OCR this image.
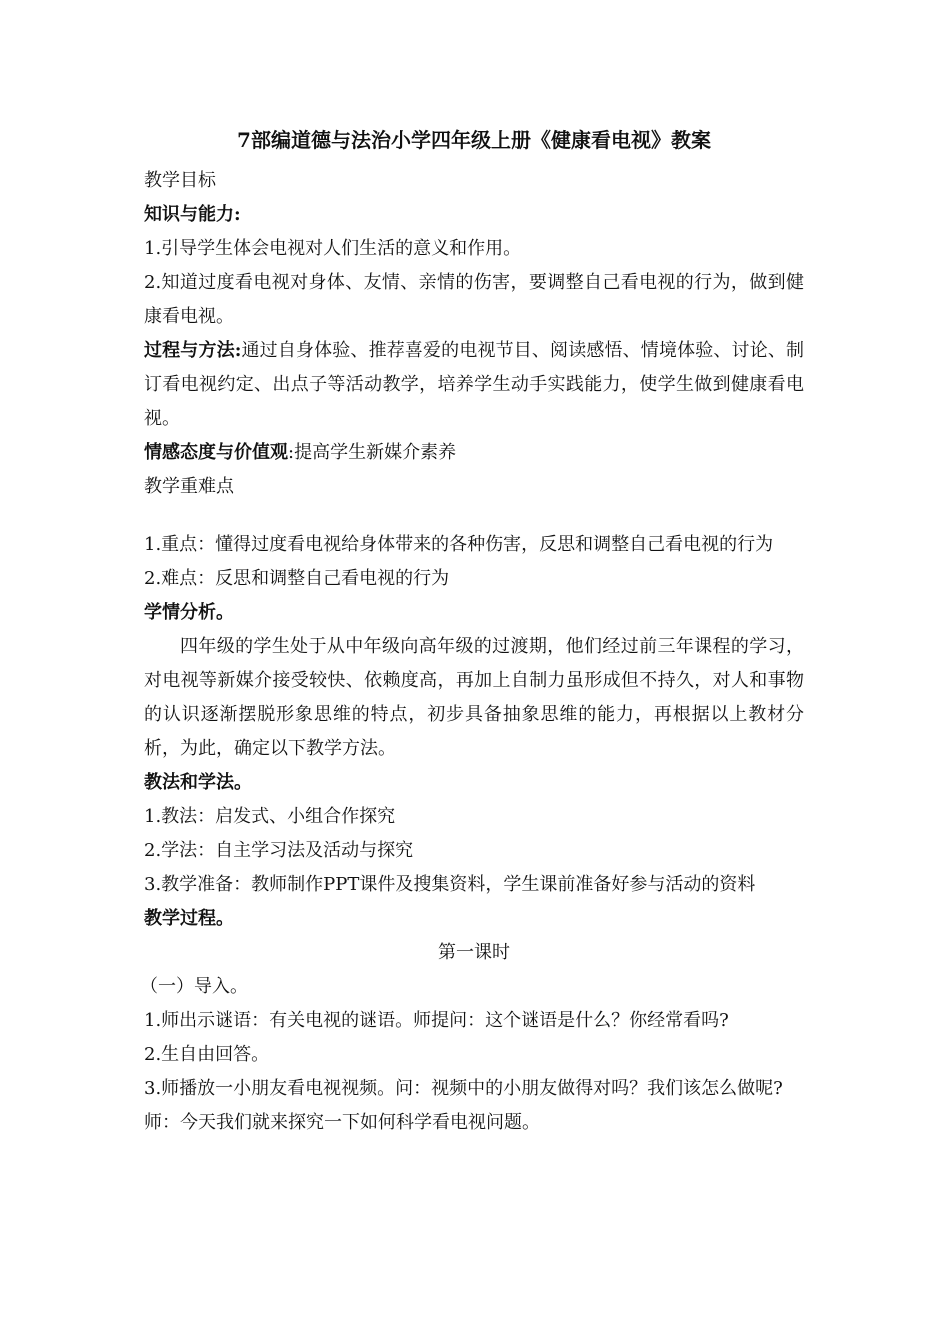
7部编道德与法治小学四年级上册《健康看电视》教案

教学目标

知识与能力:

1.引导学生体会电视对人们生活的意义和作用。

2.知道过度看电视对身体、友情、亲情的伤害，要调整自己看电视的行为，做到健康看电视。

过程与方法:通过自身体验、推荐喜爱的电视节目、阅读感悟、情境体验、讨论、制订看电视约定、出点子等活动教学，培养学生动手实践能力，使学生做到健康看电视。

情感态度与价值观:提高学生新媒介素养

教学重难点

1.重点：懂得过度看电视给身体带来的各种伤害，反思和调整自己看电视的行为

2.难点：反思和调整自己看电视的行为

学情分析。

四年级的学生处于从中年级向高年级的过渡期，他们经过前三年课程的学习，对电视等新媒介接受较快、依赖度高，再加上自制力虽形成但不持久，对人和事物的认识逐渐摆脱形象思维的特点，初步具备抽象思维的能力，再根据以上教材分析，为此，确定以下教学方法。

教法和学法。

1.教法：启发式、小组合作探究

2.学法：自主学习法及活动与探究

3.教学准备：教师制作PPT课件及搜集资料，学生课前准备好参与活动的资料

教学过程。

第一课时

（一）导入。

1.师出示谜语：有关电视的谜语。师提问：这个谜语是什么？你经常看吗?

2.生自由回答。

3.师播放一小朋友看电视视频。问：视频中的小朋友做得对吗？我们该怎么做呢?

师：今天我们就来探究一下如何科学看电视问题。
